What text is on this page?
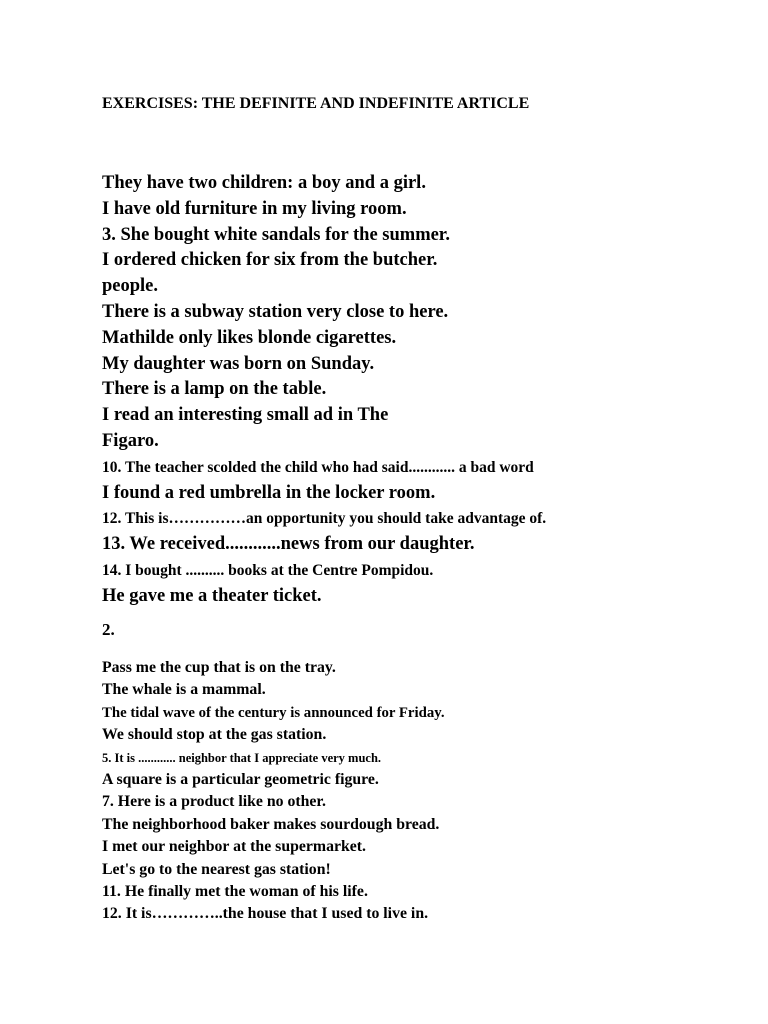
EXERCISES: THE DEFINITE AND INDEFINITE ARTICLE
They have two children: a boy and a girl.
I have old furniture in my living room.
3. She bought white sandals for the summer.
I ordered chicken for six from the butcher.
people.
There is a subway station very close to here.
Mathilde only likes blonde cigarettes.
My daughter was born on Sunday.
There is a lamp on the table.
I read an interesting small ad in The
Figaro.
10. The teacher scolded the child who had said............ a bad word
I found a red umbrella in the locker room.
12. This is……………an opportunity you should take advantage of.
13. We received............news from our daughter.
14. I bought .......... books at the Centre Pompidou.
He gave me a theater ticket.
2.
Pass me the cup that is on the tray.
The whale is a mammal.
The tidal wave of the century is announced for Friday.
We should stop at the gas station.
5. It is ............ neighbor that I appreciate very much.
A square is a particular geometric figure.
7. Here is a product like no other.
The neighborhood baker makes sourdough bread.
I met our neighbor at the supermarket.
Let's go to the nearest gas station!
11. He finally met the woman of his life.
12. It is…………..the house that I used to live in.
